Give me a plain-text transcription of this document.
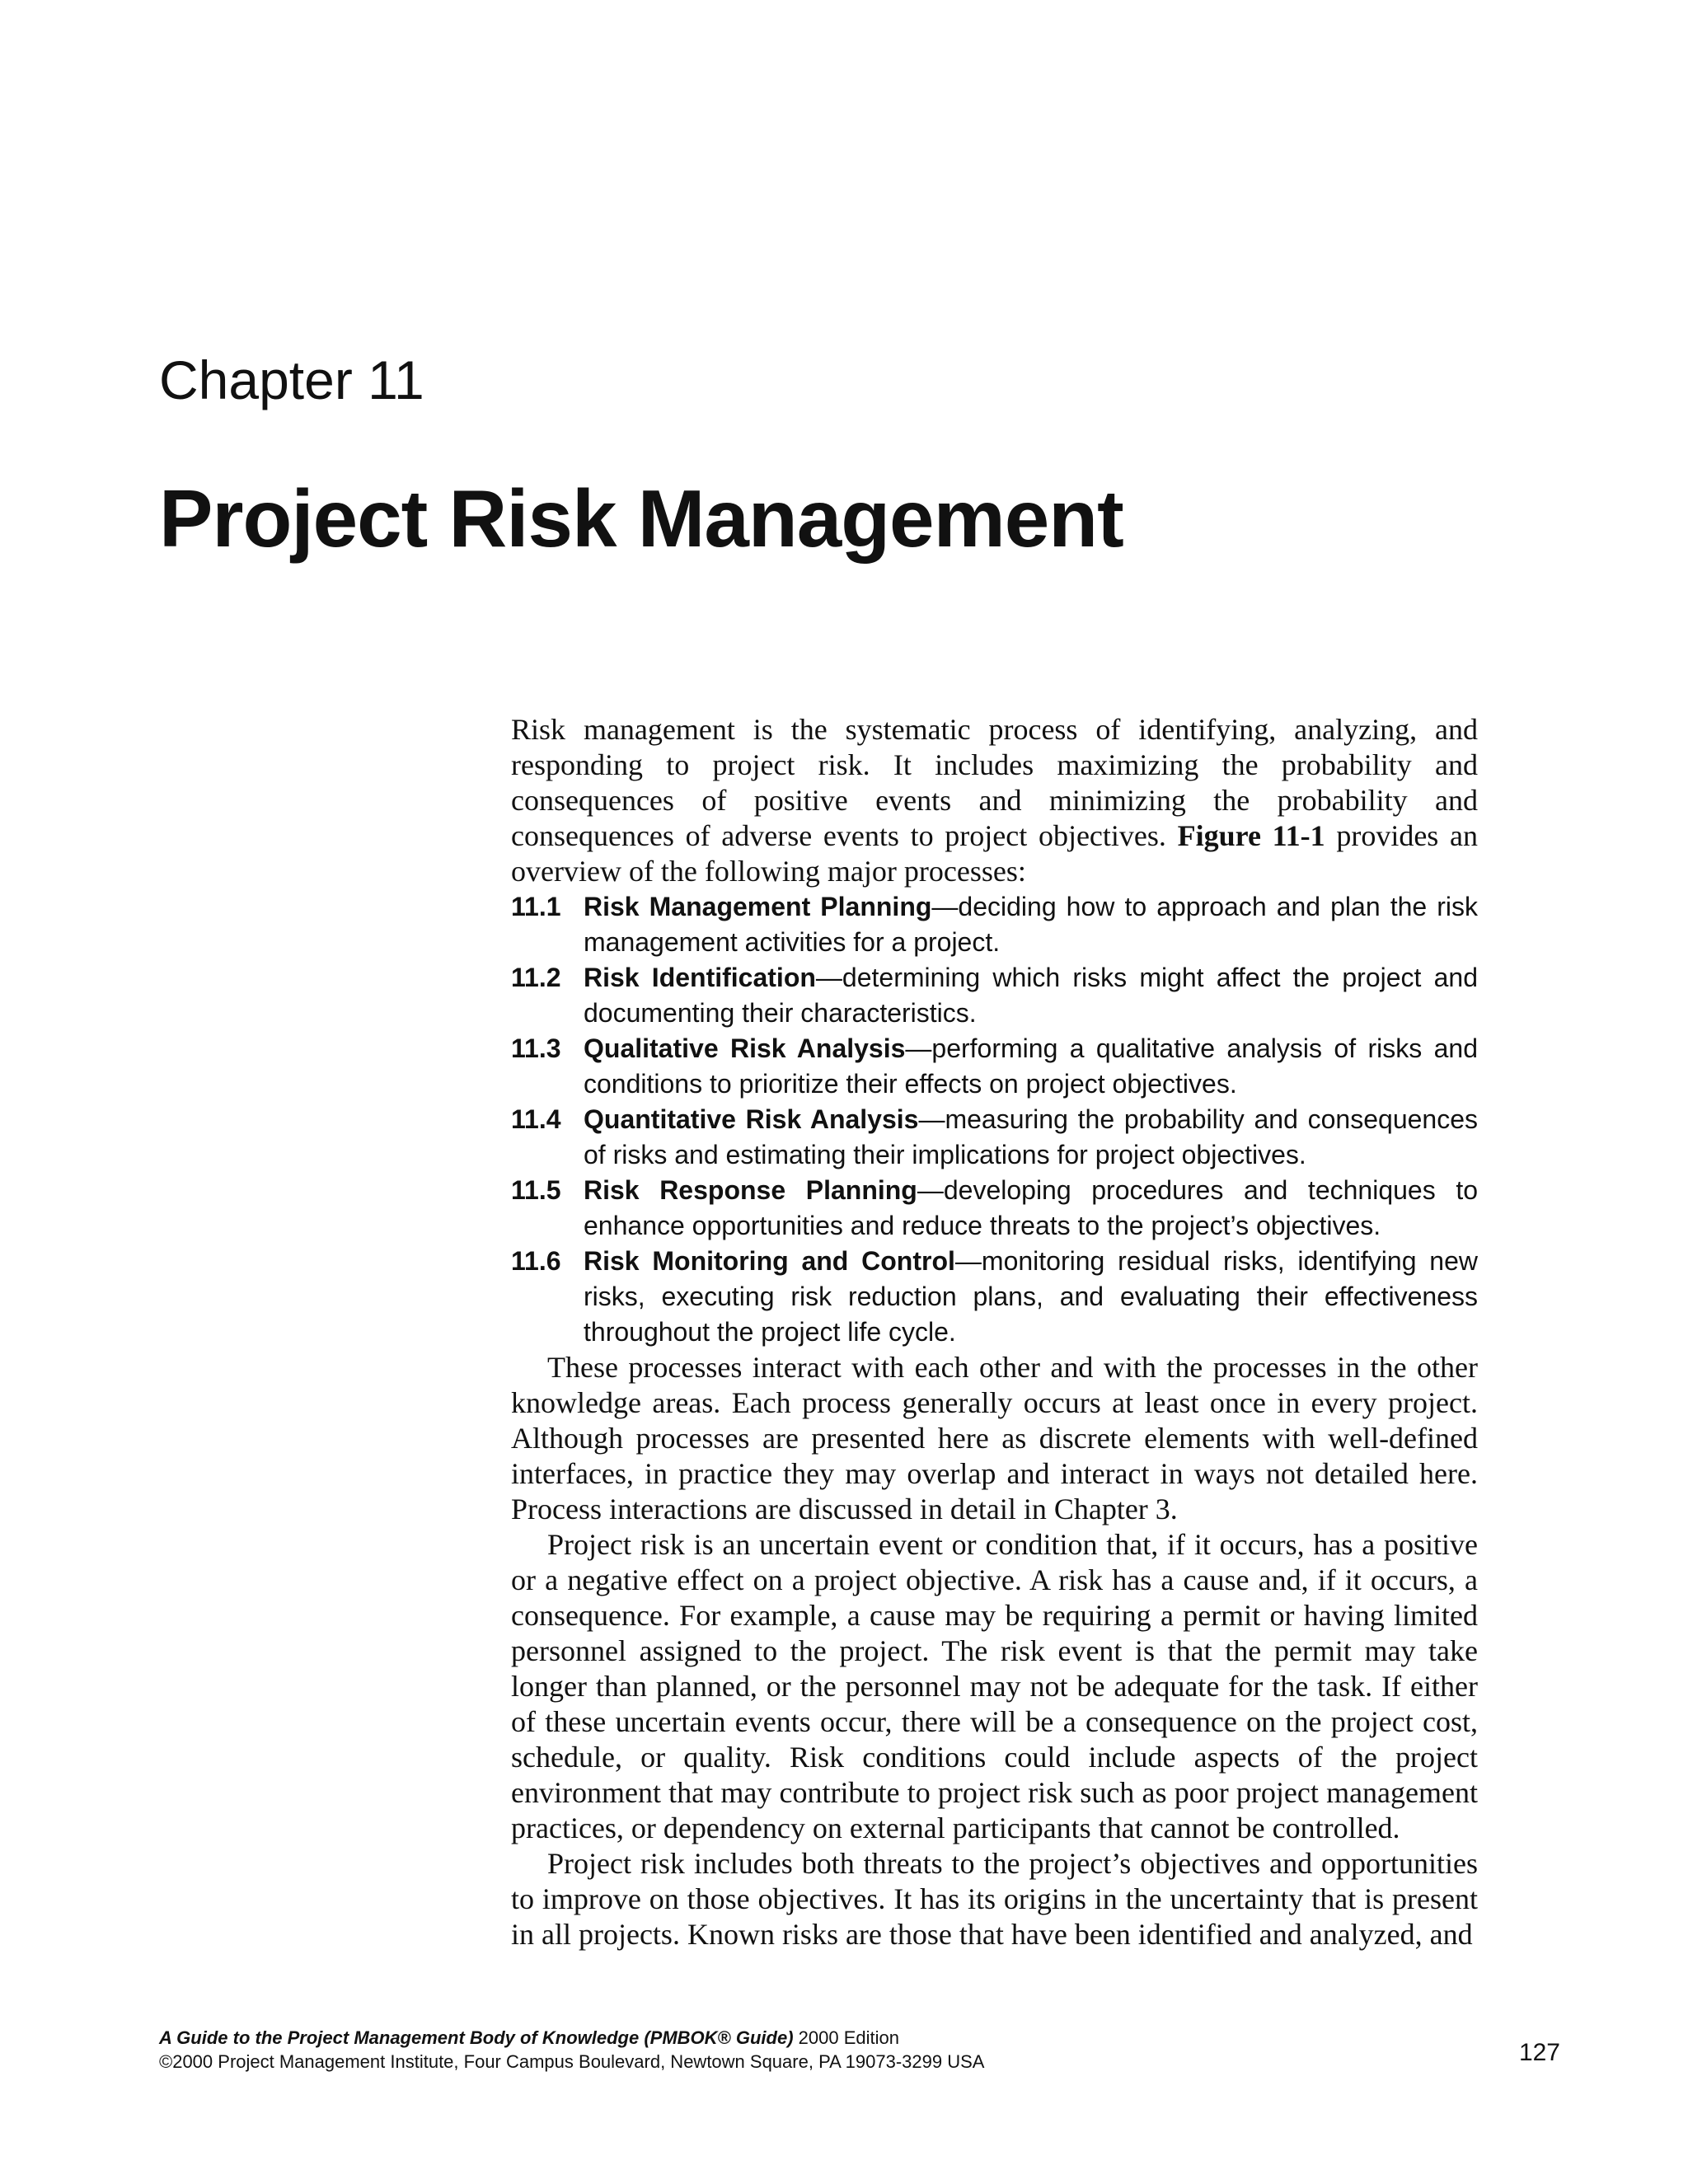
Chapter 11
Project Risk Management

Risk management is the systematic process of identifying, analyzing, and responding to project risk. It includes maximizing the probability and consequences of positive events and minimizing the probability and consequences of adverse events to project objectives. Figure 11-1 provides an overview of the following major processes:

11.1 Risk Management Planning—deciding how to approach and plan the risk management activities for a project.
11.2 Risk Identification—determining which risks might affect the project and documenting their characteristics.
11.3 Qualitative Risk Analysis—performing a qualitative analysis of risks and conditions to prioritize their effects on project objectives.
11.4 Quantitative Risk Analysis—measuring the probability and consequences of risks and estimating their implications for project objectives.
11.5 Risk Response Planning—developing procedures and techniques to enhance opportunities and reduce threats to the project’s objectives.
11.6 Risk Monitoring and Control—monitoring residual risks, identifying new risks, executing risk reduction plans, and evaluating their effectiveness throughout the project life cycle.

These processes interact with each other and with the processes in the other knowledge areas. Each process generally occurs at least once in every project. Although processes are presented here as discrete elements with well-defined interfaces, in practice they may overlap and interact in ways not detailed here. Process interactions are discussed in detail in Chapter 3.

Project risk is an uncertain event or condition that, if it occurs, has a positive or a negative effect on a project objective. A risk has a cause and, if it occurs, a consequence. For example, a cause may be requiring a permit or having limited personnel assigned to the project. The risk event is that the permit may take longer than planned, or the personnel may not be adequate for the task. If either of these uncertain events occur, there will be a consequence on the project cost, schedule, or quality. Risk conditions could include aspects of the project environment that may contribute to project risk such as poor project management practices, or dependency on external participants that cannot be controlled.

Project risk includes both threats to the project’s objectives and opportunities to improve on those objectives. It has its origins in the uncertainty that is present in all projects. Known risks are those that have been identified and analyzed, and

A Guide to the Project Management Body of Knowledge (PMBOK® Guide) 2000 Edition
©2000 Project Management Institute, Four Campus Boulevard, Newtown Square, PA 19073-3299 USA	127
